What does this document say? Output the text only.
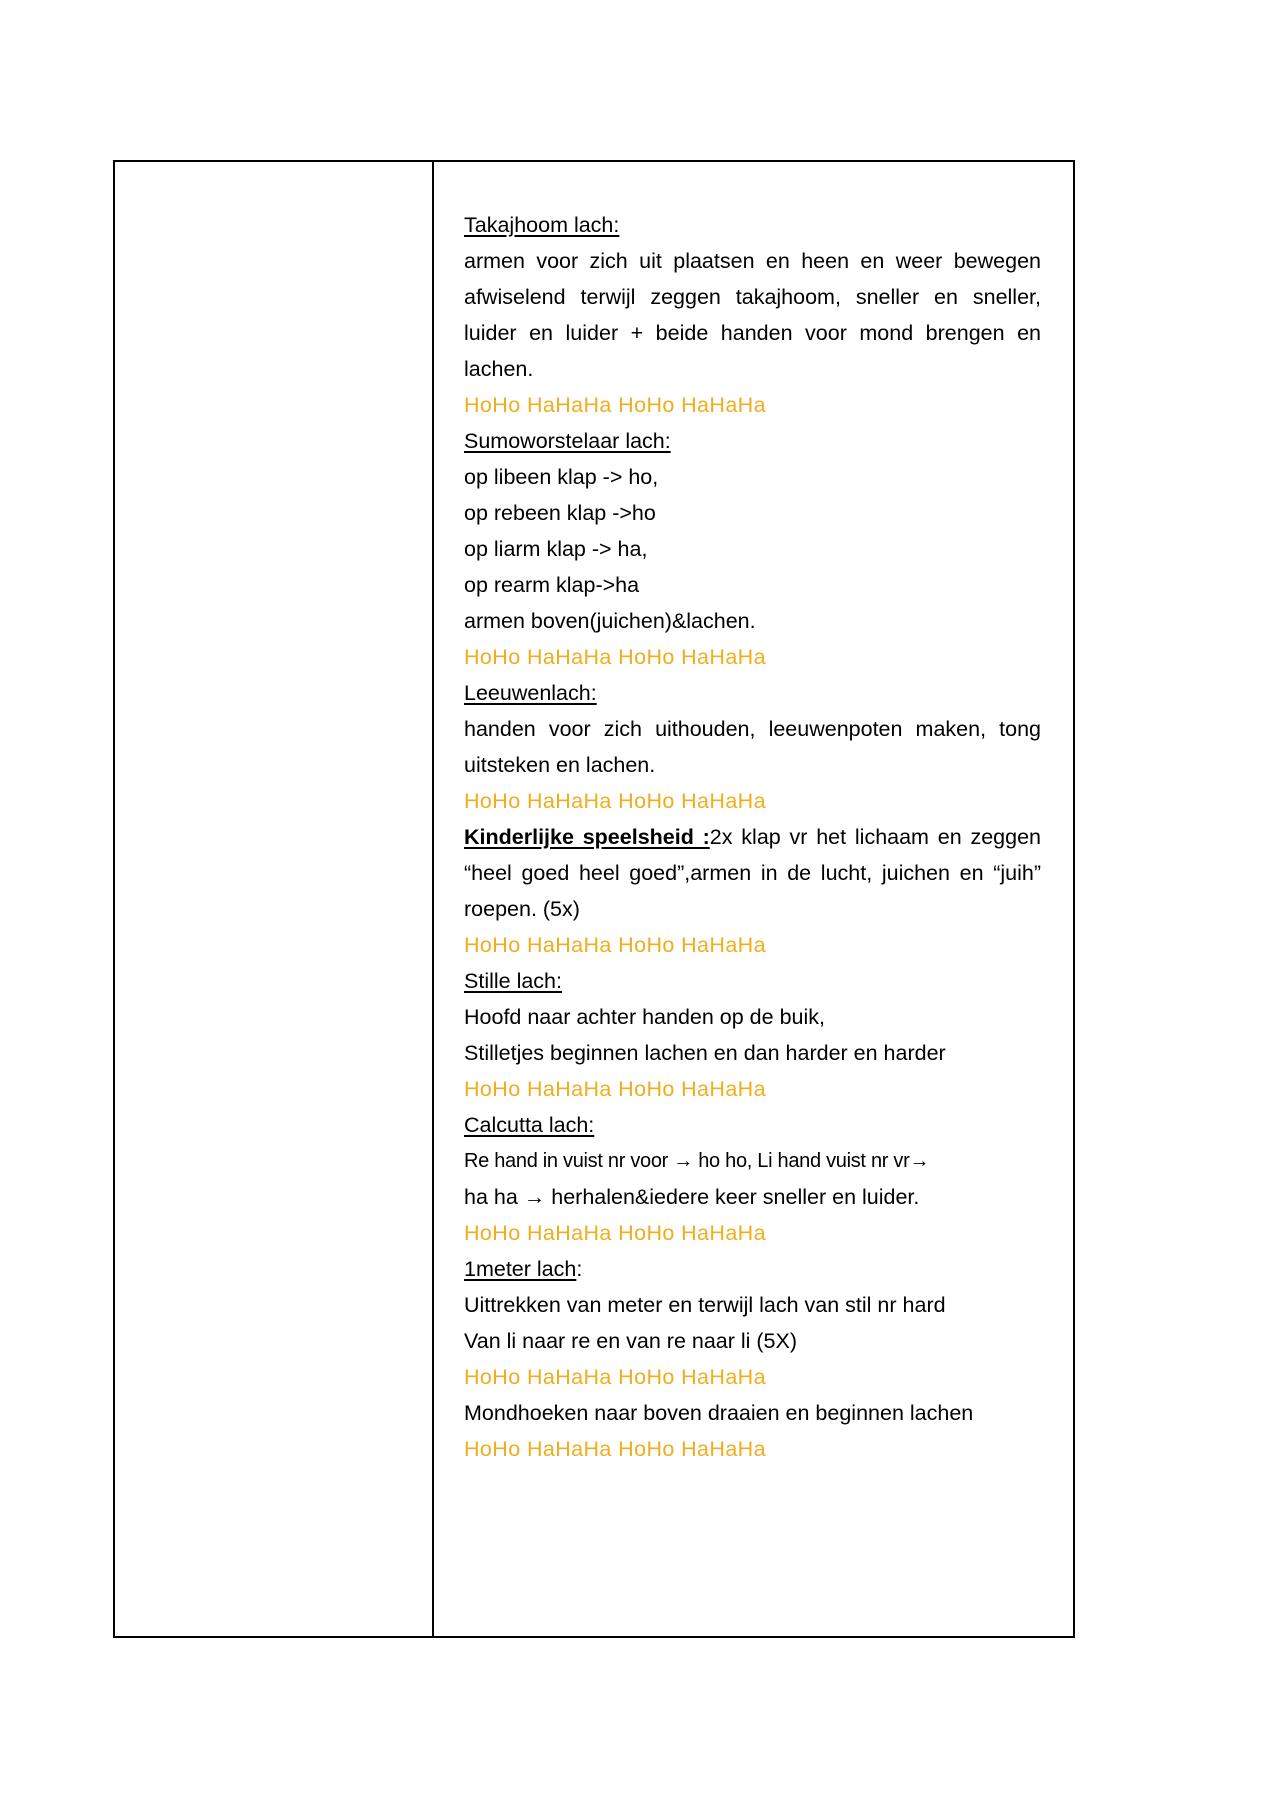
Takajhoom lach:
armen voor zich uit plaatsen en heen en weer bewegen afwiselend terwijl zeggen takajhoom, sneller en sneller, luider en luider + beide handen voor mond brengen en lachen.
HoHo HaHaHa HoHo HaHaHa
Sumoworstelaar lach:
op libeen klap -> ho,
op rebeen klap ->ho
op liarm klap -> ha,
op rearm klap->ha
armen boven(juichen)&lachen.
HoHo HaHaHa HoHo HaHaHa
Leeuwenlach:
handen voor zich uithouden, leeuwenpoten maken, tong uitsteken en lachen.
HoHo HaHaHa HoHo HaHaHa
Kinderlijke speelsheid :2x klap vr het lichaam en zeggen “heel goed heel goed”,armen in de lucht, juichen en “juih” roepen. (5x)
HoHo HaHaHa HoHo HaHaHa
Stille lach:
Hoofd naar achter handen op de buik,
Stilletjes beginnen lachen en dan harder en harder
HoHo HaHaHa HoHo HaHaHa
Calcutta lach:
Re hand in vuist nr voor → ho ho, Li hand vuist nr vr→
ha ha → herhalen&iedere keer sneller en luider.
HoHo HaHaHa HoHo HaHaHa
1meter lach:
Uittrekken van meter en terwijl lach van stil nr hard
Van li naar re en van re naar li (5X)
HoHo HaHaHa HoHo HaHaHa
Mondhoeken naar boven draaien en beginnen lachen
HoHo HaHaHa HoHo HaHaHa
